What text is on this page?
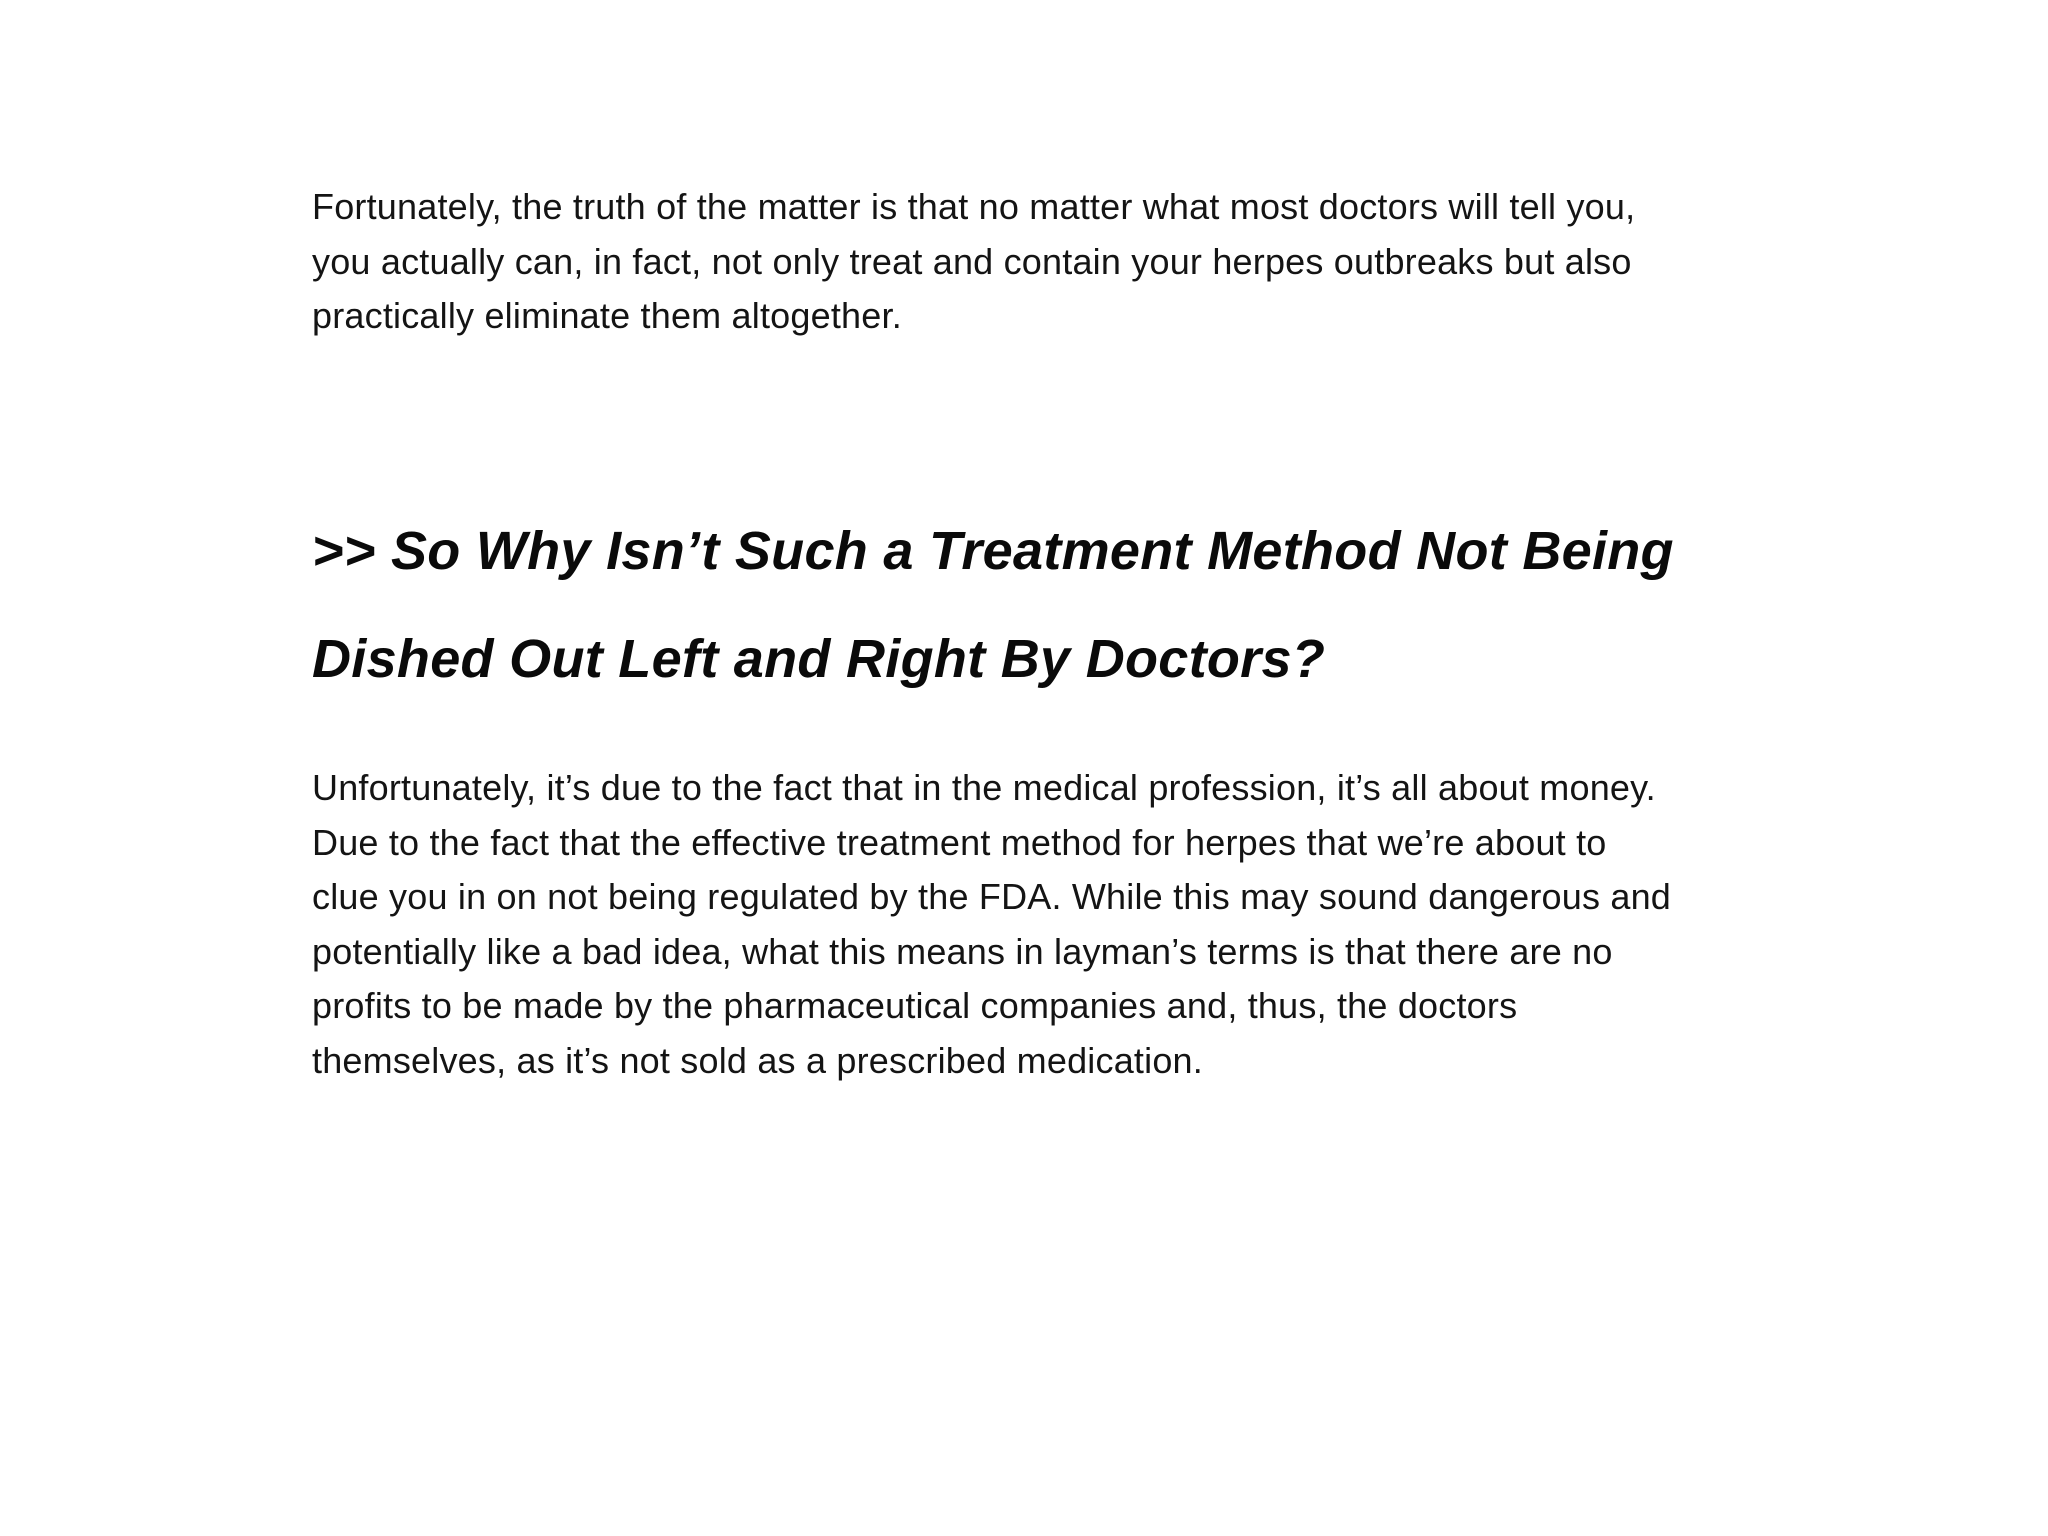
Fortunately, the truth of the matter is that no matter what most doctors will tell you,
you actually can, in fact, not only treat and contain your herpes outbreaks but also
practically eliminate them altogether.

>> So Why Isn’t Such a Treatment Method Not Being
Dished Out Left and Right By Doctors?

Unfortunately, it’s due to the fact that in the medical profession, it’s all about money.
Due to the fact that the effective treatment method for herpes that we’re about to
clue you in on not being regulated by the FDA. While this may sound dangerous and
potentially like a bad idea, what this means in layman’s terms is that there are no
profits to be made by the pharmaceutical companies and, thus, the doctors
themselves, as it’s not sold as a prescribed medication.
